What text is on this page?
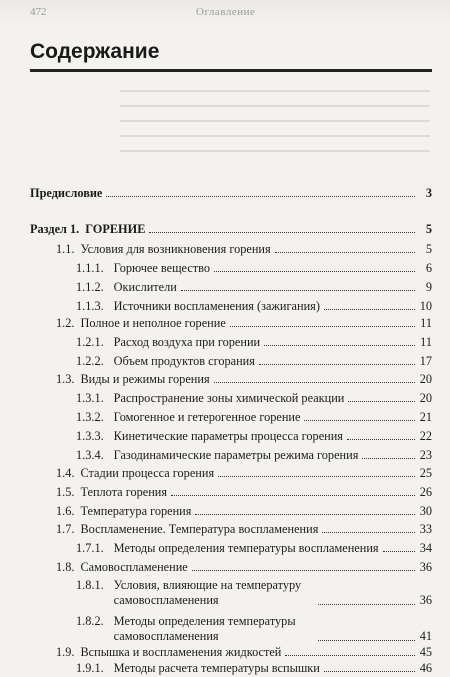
472	Оглавление
Содержание
Предисловие	3
Раздел 1. ГОРЕНИЕ	5
1.1. Условия для возникновения горения	5
1.1.1. Горючее вещество	6
1.1.2. Окислители	9
1.1.3. Источники воспламенения (зажигания)	10
1.2. Полное и неполное горение	11
1.2.1. Расход воздуха при горении	11
1.2.2. Объем продуктов сгорания	17
1.3. Виды и режимы горения	20
1.3.1. Распространение зоны химической реакции	20
1.3.2. Гомогенное и гетерогенное горение	21
1.3.3. Кинетические параметры процесса горения	22
1.3.4. Газодинамические параметры режима горения	23
1.4. Стадии процесса горения	25
1.5. Теплота горения	26
1.6. Температура горения	30
1.7. Воспламенение. Температура воспламенения	33
1.7.1. Методы определения температуры воспламенения	34
1.8. Самовоспламенение	36
1.8.1. Условия, влияющие на температуру самовоспламенения	36
1.8.2. Методы определения температуры самовоспламенения	41
1.9. Вспышка и воспламенения жидкостей	45
1.9.1. Методы расчета температуры вспышки	46
